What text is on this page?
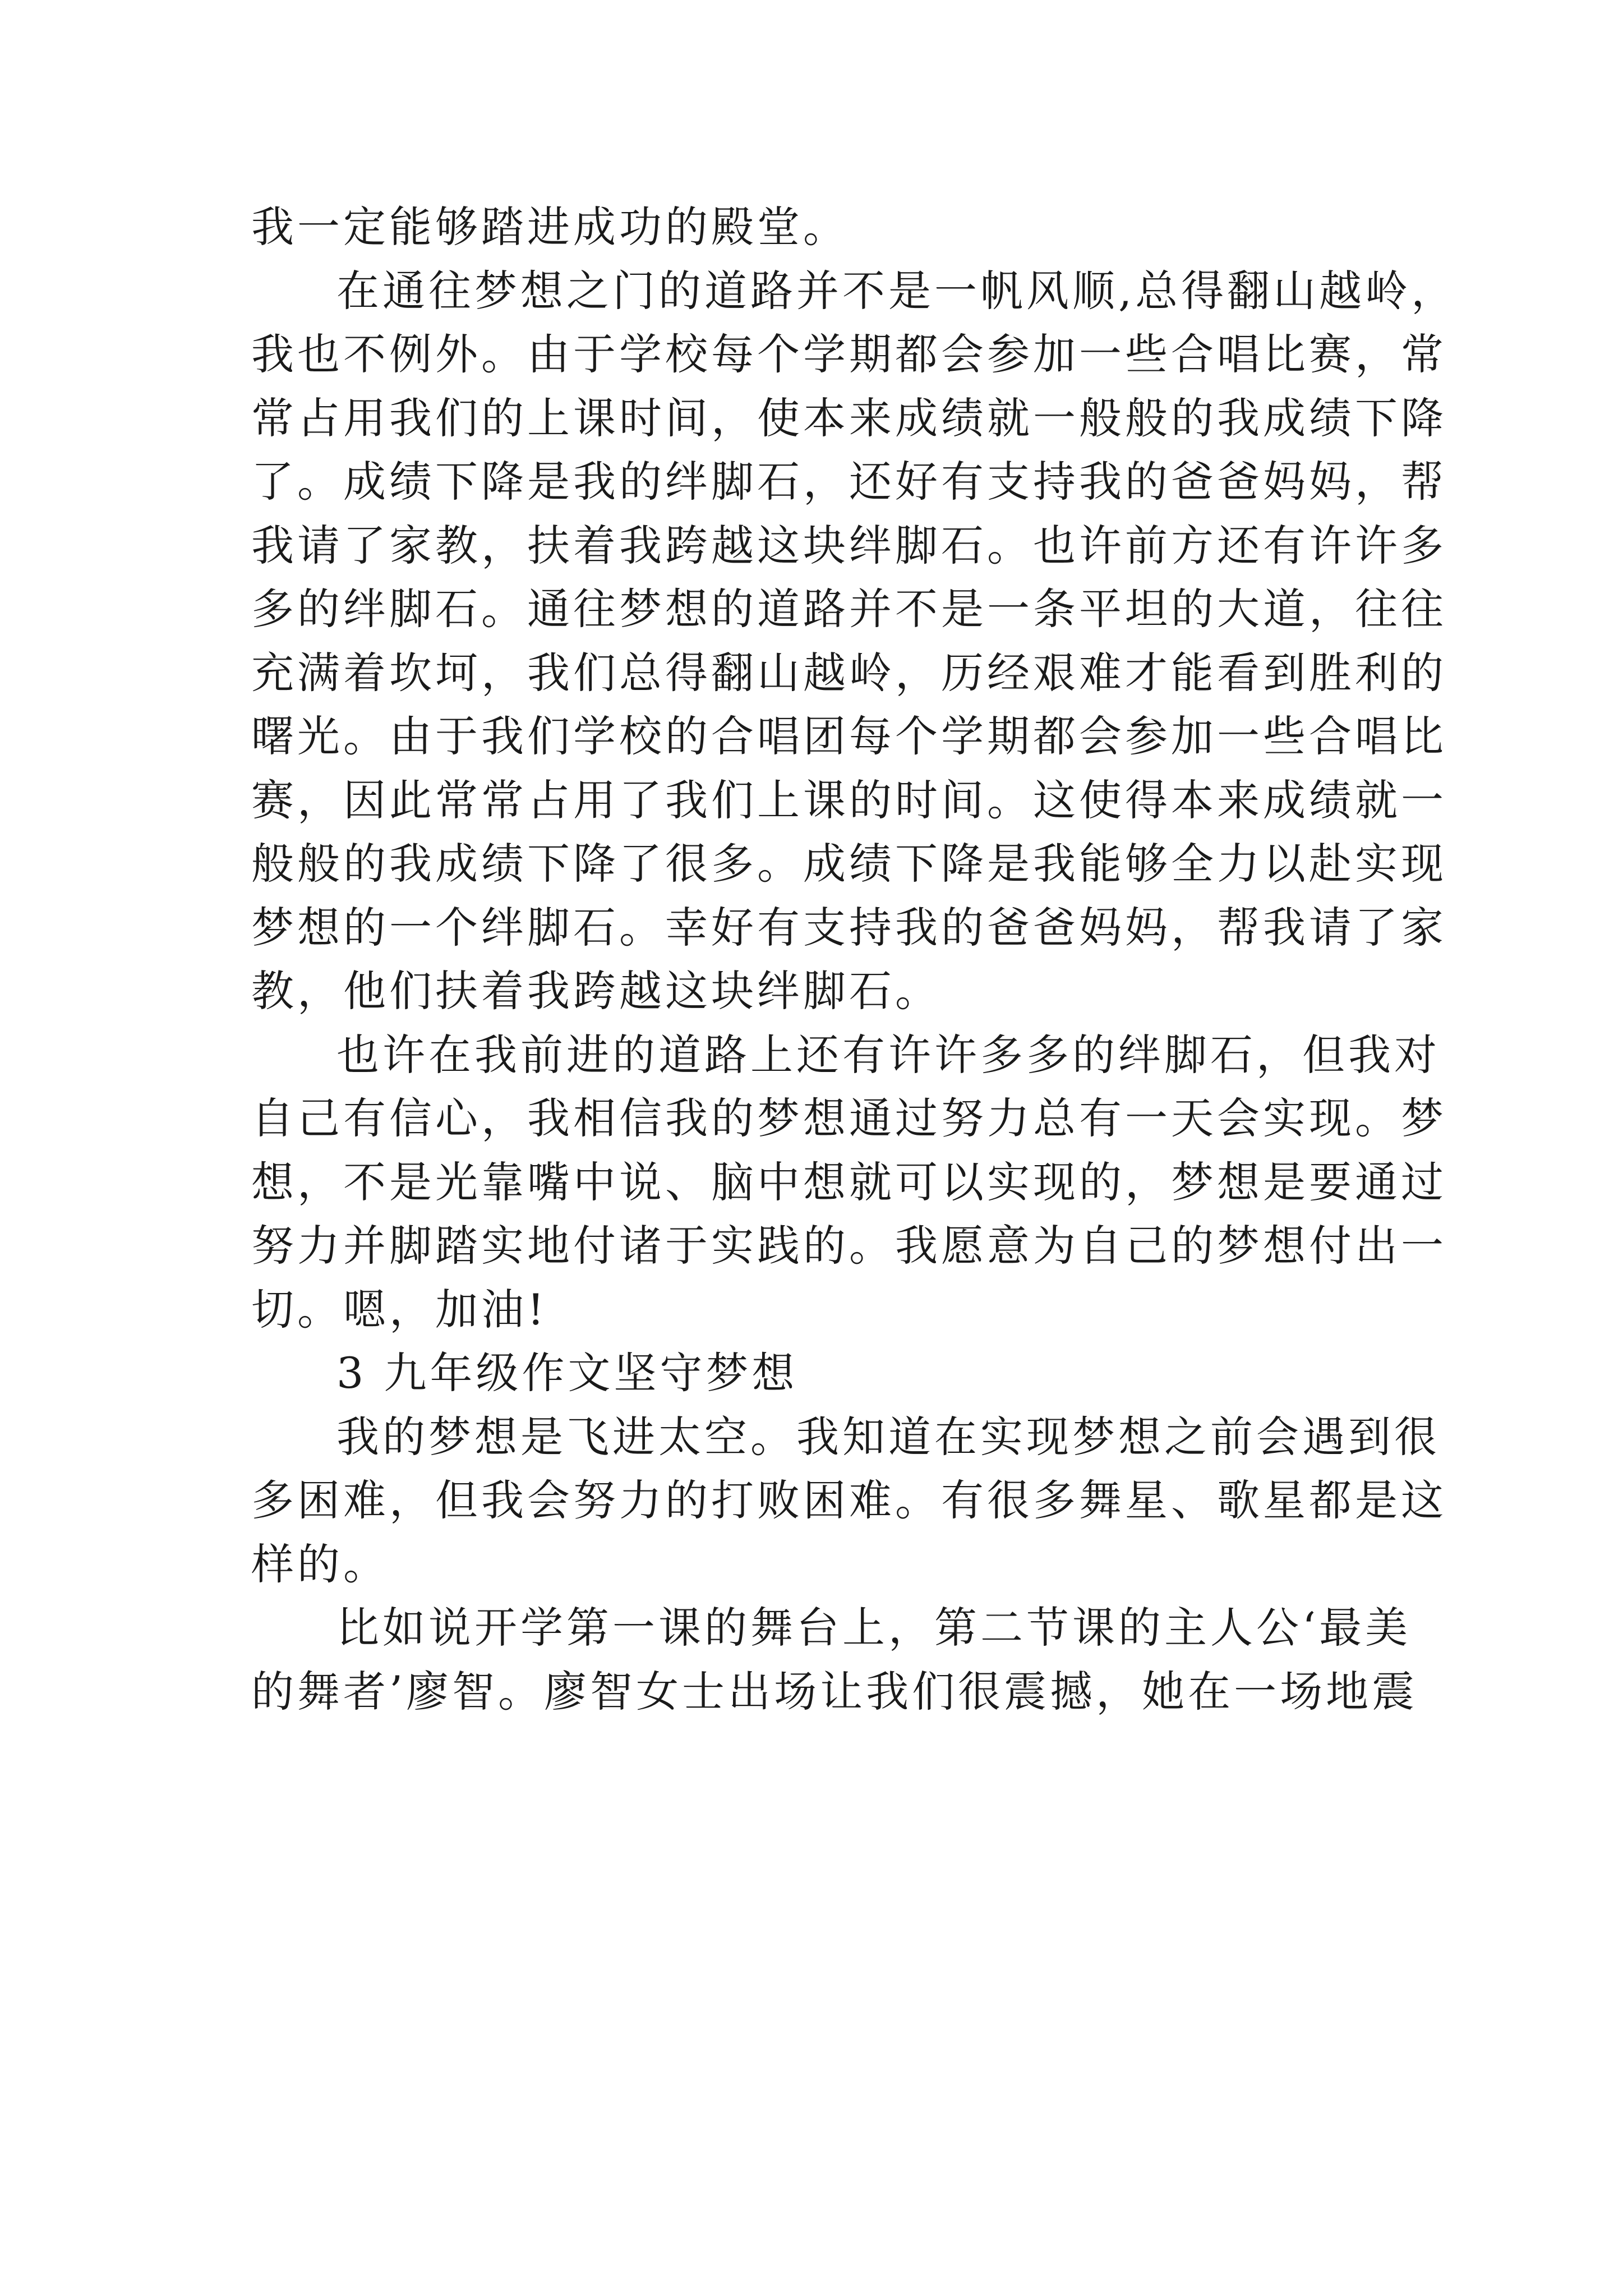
我一定能够踏进成功的殿堂。
在通往梦想之门的道路并不是一帆风顺,总得翻山越岭，
我也不例外。由于学校每个学期都会参加一些合唱比赛，常
常占用我们的上课时间，使本来成绩就一般般的我成绩下降
了。成绩下降是我的绊脚石，还好有支持我的爸爸妈妈，帮
我请了家教，扶着我跨越这块绊脚石。也许前方还有许许多
多的绊脚石。通往梦想的道路并不是一条平坦的大道，往往
充满着坎坷，我们总得翻山越岭，历经艰难才能看到胜利的
曙光。由于我们学校的合唱团每个学期都会参加一些合唱比
赛，因此常常占用了我们上课的时间。这使得本来成绩就一
般般的我成绩下降了很多。成绩下降是我能够全力以赴实现
梦想的一个绊脚石。幸好有支持我的爸爸妈妈，帮我请了家
教，他们扶着我跨越这块绊脚石。
也许在我前进的道路上还有许许多多的绊脚石，但我对
自己有信心，我相信我的梦想通过努力总有一天会实现。梦
想，不是光靠嘴中说、脑中想就可以实现的，梦想是要通过
努力并脚踏实地付诸于实践的。我愿意为自己的梦想付出一
切。嗯，加油!
3 九年级作文坚守梦想
我的梦想是飞进太空。我知道在实现梦想之前会遇到很
多困难，但我会努力的打败困难。有很多舞星、歌星都是这
样的。
比如说开学第一课的舞台上，第二节课的主人公‘最美
的舞者’廖智。廖智女士出场让我们很震撼，她在一场地震
